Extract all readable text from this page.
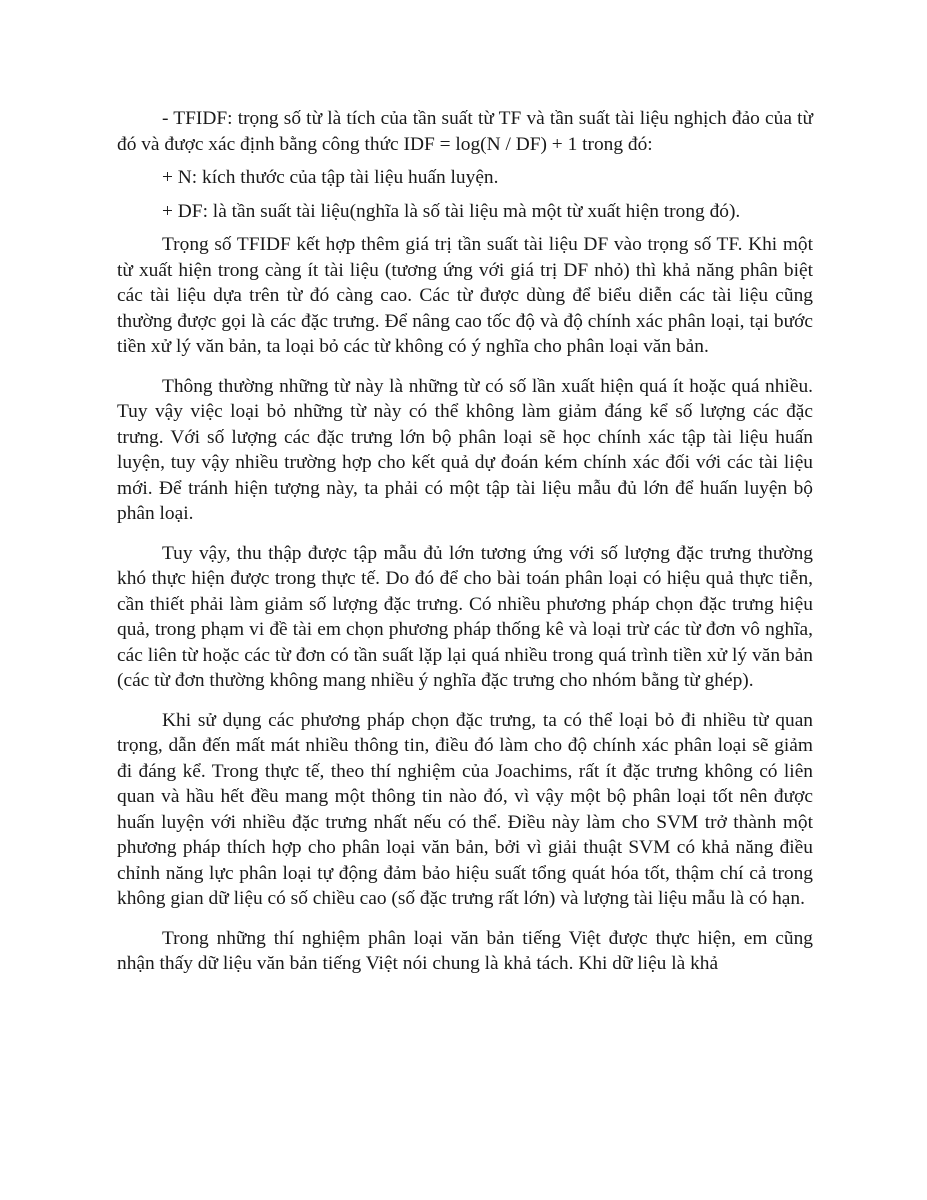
- TFIDF: trọng số từ là tích của tần suất từ TF và tần suất tài liệu nghịch đảo của từ đó và được xác định bằng công thức IDF = log(N / DF) + 1 trong đó:

+ N: kích thước của tập tài liệu huấn luyện.

+ DF: là tần suất tài liệu(nghĩa là số tài liệu mà một từ xuất hiện trong đó).

Trọng số TFIDF kết hợp thêm giá trị tần suất tài liệu DF vào trọng số TF. Khi một từ xuất hiện trong càng ít tài liệu (tương ứng với giá trị DF nhỏ) thì khả năng phân biệt các tài liệu dựa trên từ đó càng cao. Các từ được dùng để biểu diễn các tài liệu cũng thường được gọi là các đặc trưng. Để nâng cao tốc độ và độ chính xác phân loại, tại bước tiền xử lý văn bản, ta loại bỏ các từ không có ý nghĩa cho phân loại văn bản.

Thông thường những từ này là những từ có số lần xuất hiện quá ít hoặc quá nhiều. Tuy vậy việc loại bỏ những từ này có thể không làm giảm đáng kể số lượng các đặc trưng. Với số lượng các đặc trưng lớn bộ phân loại sẽ học chính xác tập tài liệu huấn luyện, tuy vậy nhiều trường hợp cho kết quả dự đoán kém chính xác đối với các tài liệu mới. Để tránh hiện tượng này, ta phải có một tập tài liệu mẫu đủ lớn để huấn luyện bộ phân loại.

Tuy vậy, thu thập được tập mẫu đủ lớn tương ứng với số lượng đặc trưng thường khó thực hiện được trong thực tế. Do đó để cho bài toán phân loại có hiệu quả thực tiễn, cần thiết phải làm giảm số lượng đặc trưng. Có nhiều phương pháp chọn đặc trưng hiệu quả, trong phạm vi đề tài em chọn phương pháp thống kê và loại trừ các từ đơn vô nghĩa, các liên từ hoặc các từ đơn có tần suất lặp lại quá nhiều trong quá trình tiền xử lý văn bản (các từ đơn thường không mang nhiều ý nghĩa đặc trưng cho nhóm bằng từ ghép).

Khi sử dụng các phương pháp chọn đặc trưng, ta có thể loại bỏ đi nhiều từ quan trọng, dẫn đến mất mát nhiều thông tin, điều đó làm cho độ chính xác phân loại sẽ giảm đi đáng kể. Trong thực tế, theo thí nghiệm của Joachims, rất ít đặc trưng không có liên quan và hầu hết đều mang một thông tin nào đó, vì vậy một bộ phân loại tốt nên được huấn luyện với nhiều đặc trưng nhất nếu có thể. Điều này làm cho SVM trở thành một phương pháp thích hợp cho phân loại văn bản, bởi vì giải thuật SVM có khả năng điều chỉnh năng lực phân loại tự động đảm bảo hiệu suất tổng quát hóa tốt, thậm chí cả trong không gian dữ liệu có số chiều cao (số đặc trưng rất lớn) và lượng tài liệu mẫu là có hạn.

Trong những thí nghiệm phân loại văn bản tiếng Việt được thực hiện, em cũng nhận thấy dữ liệu văn bản tiếng Việt nói chung là khả tách. Khi dữ liệu là khả
